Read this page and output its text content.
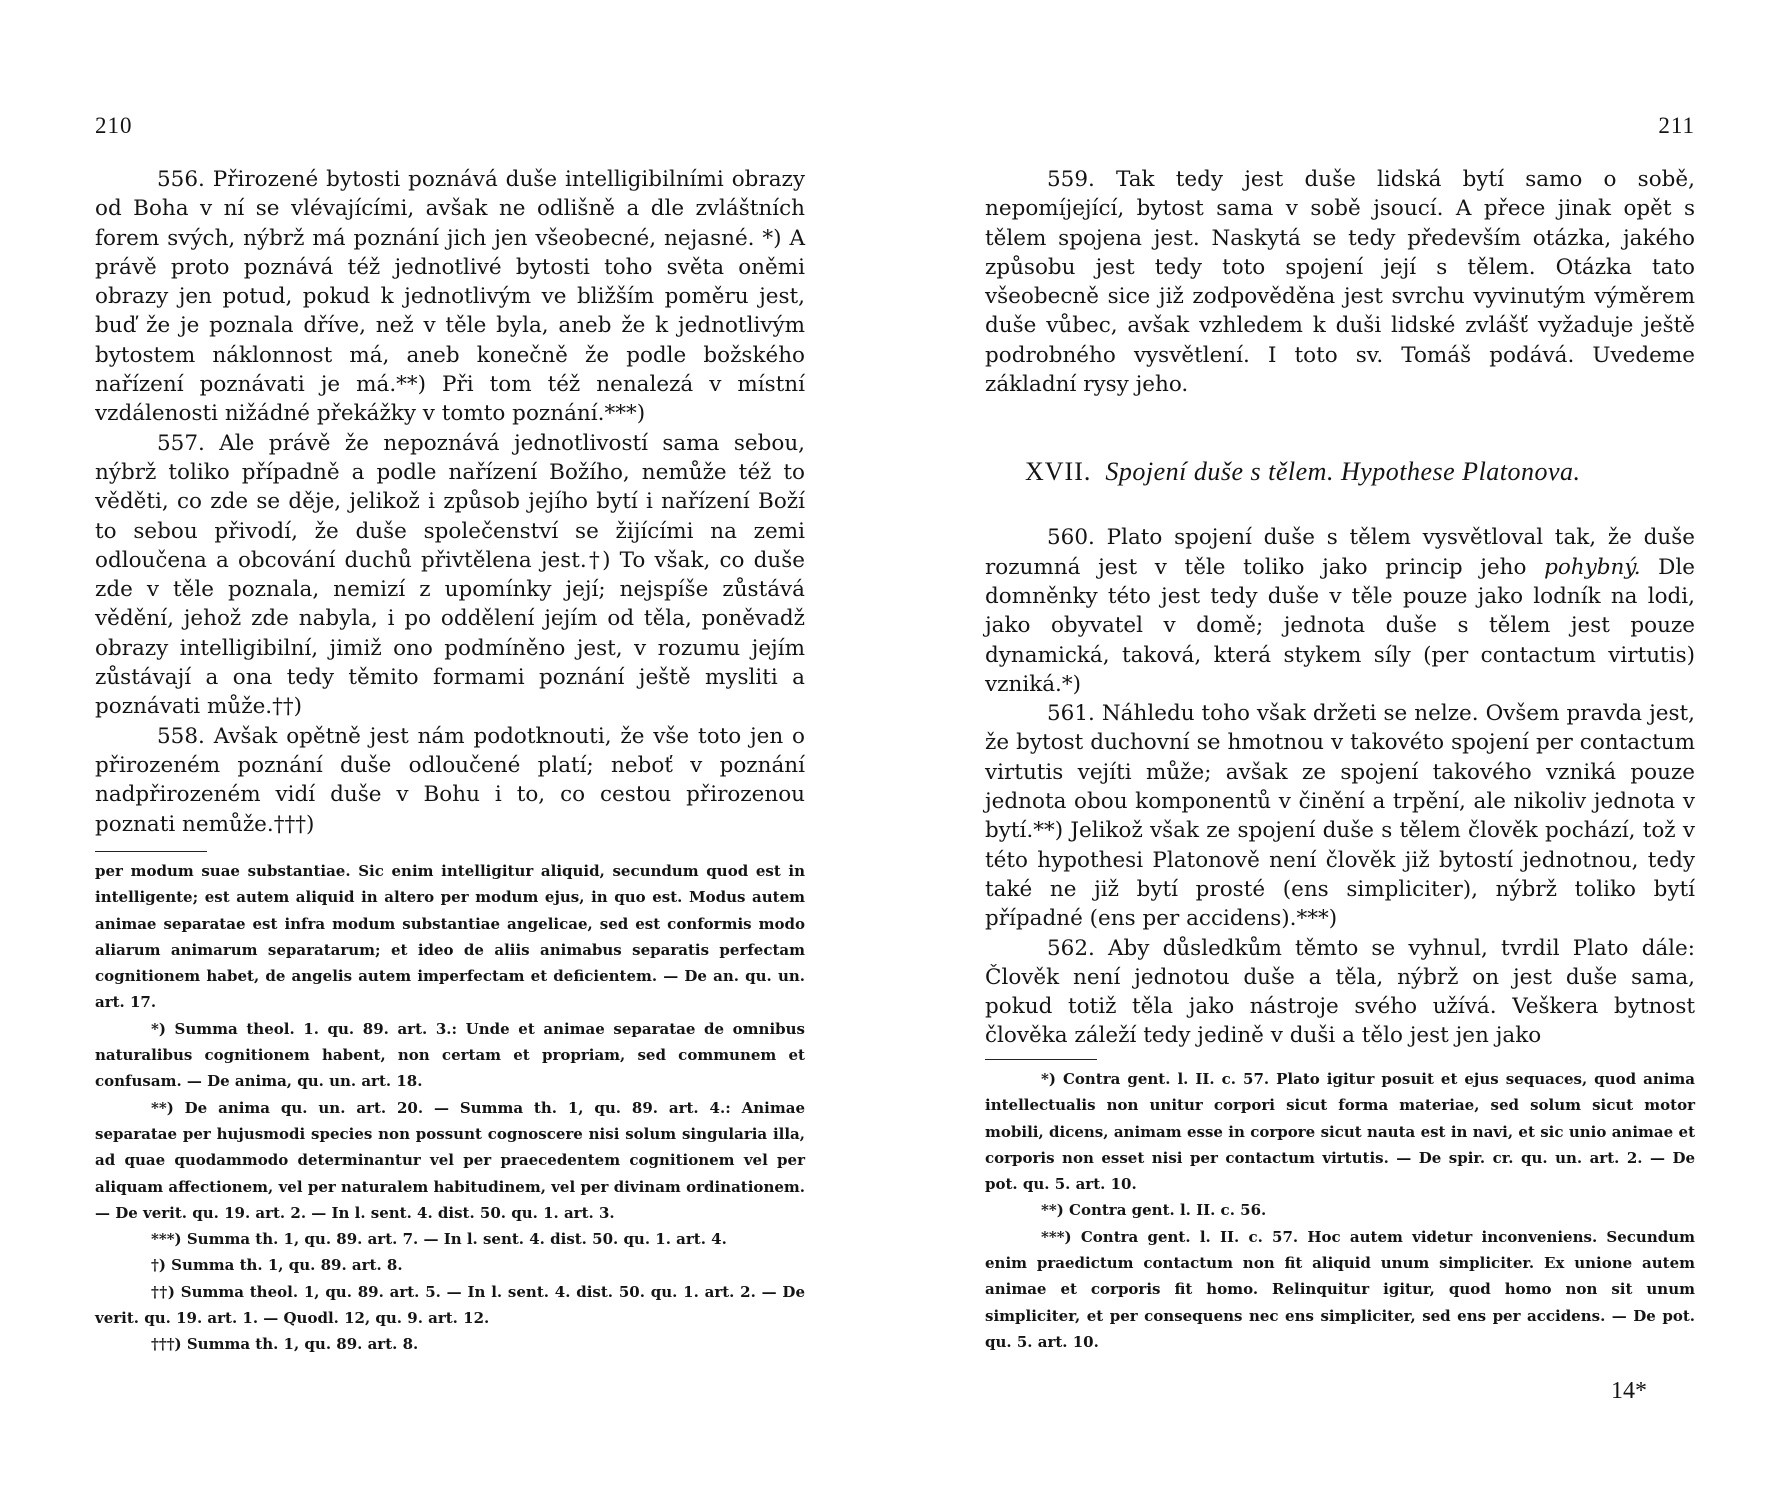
210

556. Přirozené bytosti poznává duše intelligibilními obrazy od Boha v ní se vlévajícími, avšak ne odlišně a dle zvláštních forem svých, nýbrž má poznání jich jen všeobecné, nejasné. *) A právě proto poznává též jednotlivé bytosti toho světa oněmi obrazy jen potud, pokud k jednotlivým ve bližším poměru jest, buď že je poznala dříve, než v těle byla, aneb že k jednotlivým bytostem náklonnost má, aneb konečně že podle božského nařízení poznávati je má.**) Při tom též nenalezá v místní vzdálenosti nižádné překážky v tomto poznání.***)

557. Ale právě že nepoznává jednotlivostí sama sebou, nýbrž toliko případně a podle nařízení Božího, nemůže též to věděti, co zde se děje, jelikož i způsob jejího bytí i nařízení Boží to sebou přivodí, že duše společenství se žijícími na zemi odloučena a obcování duchů přivtělena jest.†) To však, co duše zde v těle poznala, nemizí z upomínky její; nejspíše zůstává vědění, jehož zde nabyla, i po oddělení jejím od těla, poněvadž obrazy intelligibilní, jimiž ono podmíněno jest, v rozumu jejím zůstávají a ona tedy těmito formami poznání ještě mysliti a poznávati může.††)

558. Avšak opětně jest nám podotknouti, že vše toto jen o přirozeném poznání duše odloučené platí; neboť v poznání nadpřirozeném vidí duše v Bohu i to, co cestou přirozenou poznati nemůže.†††)

per modum suae substantiae. Sic enim intelligitur aliquid, secundum quod est in intelligente; est autem aliquid in altero per modum ejus, in quo est. Modus autem animae separatae est infra modum substantiae angelicae, sed est conformis modo aliarum animarum separatarum; et ideo de aliis animabus separatis perfectam cognitionem habet, de angelis autem imperfectam et deficientem. — De an. qu. un. art. 17.

*) Summa theol. 1. qu. 89. art. 3.: Unde et animae separatae de omnibus naturalibus cognitionem habent, non certam et propriam, sed communem et confusam. — De anima, qu. un. art. 18.

**) De anima qu. un. art. 20. — Summa th. 1, qu. 89. art. 4.: Animae separatae per hujusmodi species non possunt cognoscere nisi solum singularia illa, ad quae quodammodo determinantur vel per praecedentem cognitionem vel per aliquam affectionem, vel per naturalem habitudinem, vel per divinam ordinationem. — De verit. qu. 19. art. 2. — In l. sent. 4. dist. 50. qu. 1. art. 3.

***) Summa th. 1, qu. 89. art. 7. — In l. sent. 4. dist. 50. qu. 1. art. 4.

†) Summa th. 1, qu. 89. art. 8.

††) Summa theol. 1, qu. 89. art. 5. — In l. sent. 4. dist. 50. qu. 1. art. 2. — De verit. qu. 19. art. 1. — Quodl. 12, qu. 9. art. 12.

†††) Summa th. 1, qu. 89. art. 8.

211

559. Tak tedy jest duše lidská bytí samo o sobě, nepomíjející, bytost sama v sobě jsoucí. A přece jinak opět s tělem spojena jest. Naskytá se tedy především otázka, jakého způsobu jest tedy toto spojení její s tělem. Otázka tato všeobecně sice již zodpověděna jest svrchu vyvinutým výměrem duše vůbec, avšak vzhledem k duši lidské zvlášť vyžaduje ještě podrobného vysvětlení. I toto sv. Tomáš podává. Uvedeme základní rysy jeho.

XVII. Spojení duše s tělem. Hypothese Platonova.

560. Plato spojení duše s tělem vysvětloval tak, že duše rozumná jest v těle toliko jako princip jeho pohybný. Dle domněnky této jest tedy duše v těle pouze jako lodník na lodi, jako obyvatel v domě; jednota duše s tělem jest pouze dynamická, taková, která stykem síly (per contactum virtutis) vzniká.*)

561. Náhledu toho však držeti se nelze. Ovšem pravda jest, že bytost duchovní se hmotnou v takovéto spojení per contactum virtutis vejíti může; avšak ze spojení takového vzniká pouze jednota obou komponentů v činění a trpění, ale nikoliv jednota v bytí.**) Jelikož však ze spojení duše s tělem člověk pochází, tož v této hypothesi Platonově není člověk již bytostí jednotnou, tedy také ne již bytí prosté (ens simpliciter), nýbrž toliko bytí případné (ens per accidens).***)

562. Aby důsledkům těmto se vyhnul, tvrdil Plato dále: Člověk není jednotou duše a těla, nýbrž on jest duše sama, pokud totiž těla jako nástroje svého užívá. Veškera bytnost člověka záleží tedy jedině v duši a tělo jest jen jako

*) Contra gent. l. II. c. 57. Plato igitur posuit et ejus sequaces, quod anima intellectualis non unitur corpori sicut forma materiae, sed solum sicut motor mobili, dicens, animam esse in corpore sicut nauta est in navi, et sic unio animae et corporis non esset nisi per contactum virtutis. — De spir. cr. qu. un. art. 2. — De pot. qu. 5. art. 10.

**) Contra gent. l. II. c. 56.

***) Contra gent. l. II. c. 57. Hoc autem videtur inconveniens. Secundum enim praedictum contactum non fit aliquid unum simpliciter. Ex unione autem animae et corporis fit homo. Relinquitur igitur, quod homo non sit unum simpliciter, et per consequens nec ens simpliciter, sed ens per accidens. — De pot. qu. 5. art. 10.

14*
